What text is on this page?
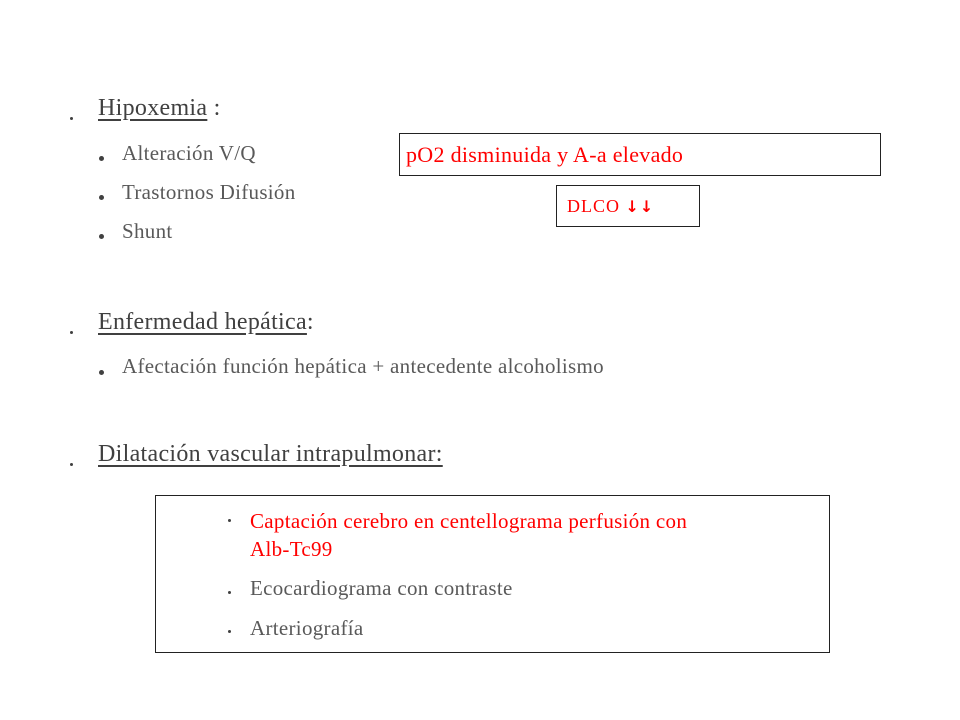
Hipoxemia :
Alteración V/Q
Trastornos Difusión
Shunt
pO2 disminuida y A-a elevado
DLCO ↓↓
Enfermedad hepática:
Afectación función hepática + antecedente alcoholismo
Dilatación vascular intrapulmonar:
Captación cerebro en centellograma perfusión con
Alb-Tc99
Ecocardiograma con contraste
Arteriografía
